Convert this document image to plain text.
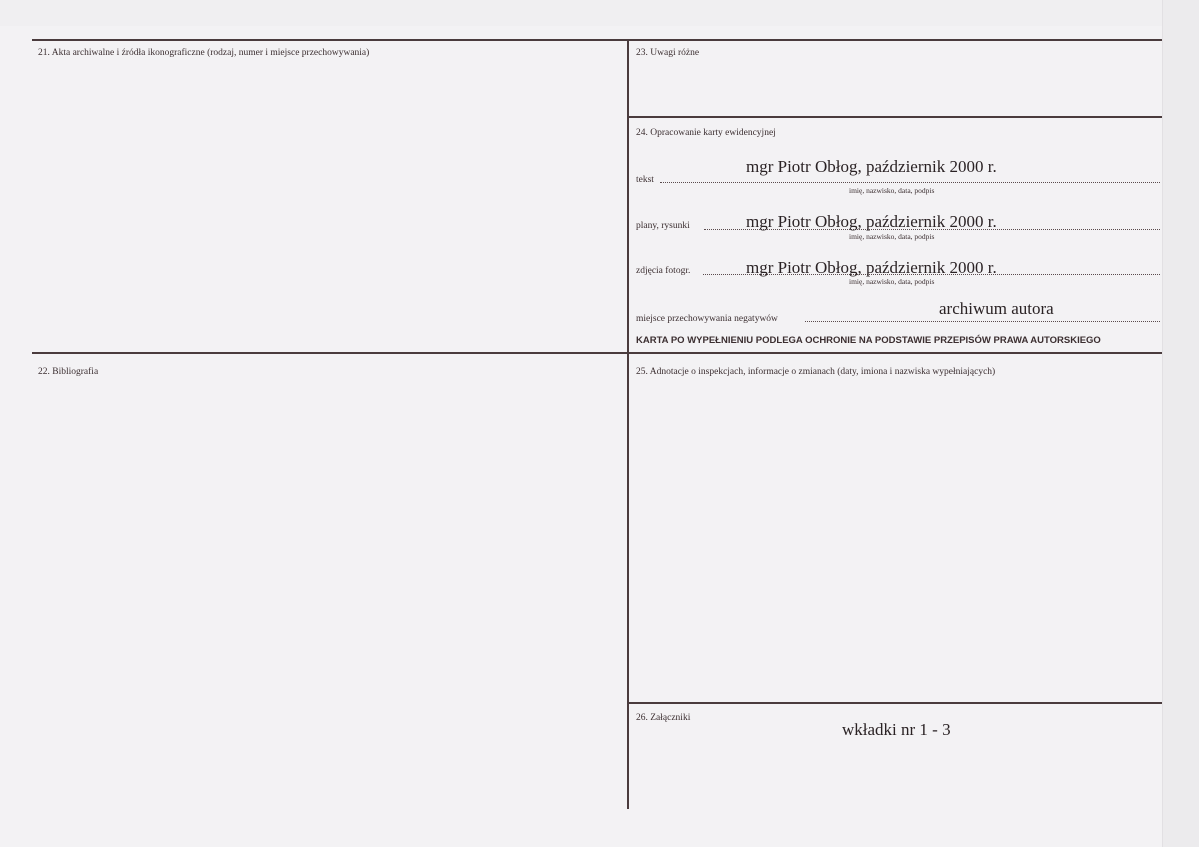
21. Akta archiwalne i źródła ikonograficzne (rodzaj, numer i miejsce przechowywania)
22. Bibliografia
23. Uwagi różne
24. Opracowanie karty ewidencyjnej
tekst
mgr Piotr Obłog, październik 2000 r.
imię, nazwisko, data, podpis
plany, rysunki	mgr Piotr Obłog, październik 2000 r.
imię, nazwisko, data, podpis
zdjęcia fotogr.	mgr Piotr Obłog, październik 2000 r.
imię, nazwisko, data, podpis
miejsce przechowywania negatywów
archiwum autora
KARTA PO WYPEŁNIENIU PODLEGA OCHRONIE NA PODSTAWIE PRZEPISÓW PRAWA AUTORSKIEGO
25. Adnotacje o inspekcjach, informacje o zmianach (daty, imiona i nazwiska wypełniających)
26. Załączniki
wkładki nr 1 - 3
